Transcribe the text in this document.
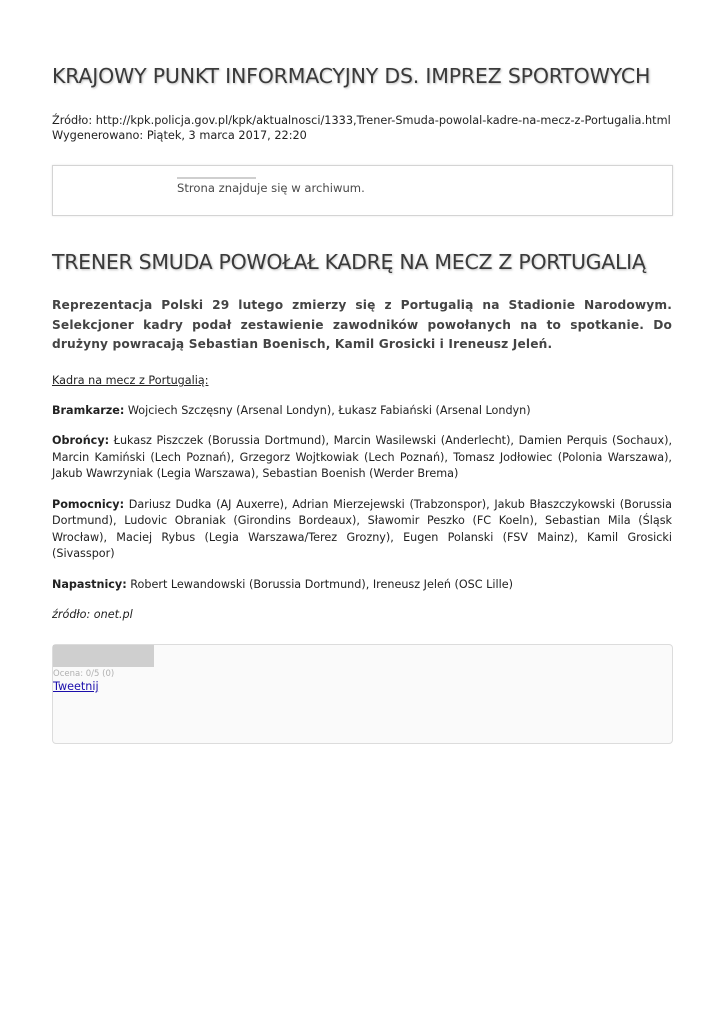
KRAJOWY PUNKT INFORMACYJNY DS. IMPREZ SPORTOWYCH
Źródło: http://kpk.policja.gov.pl/kpk/aktualnosci/1333,Trener-Smuda-powolal-kadre-na-mecz-z-Portugalia.html
Wygenerowano: Piątek, 3 marca 2017, 22:20
Strona znajduje się w archiwum.
TRENER SMUDA POWOŁAŁ KADRĘ NA MECZ Z PORTUGALIĄ

Reprezentacja Polski 29 lutego zmierzy się z Portugalią na Stadionie Narodowym. Selekcjoner kadry podał zestawienie zawodników powołanych na to spotkanie. Do drużyny powracają Sebastian Boenisch, Kamil Grosicki i Ireneusz Jeleń.

Kadra na mecz z Portugalią:

Bramkarze: Wojciech Szczęsny (Arsenal Londyn), Łukasz Fabiański (Arsenal Londyn)

Obrońcy: Łukasz Piszczek (Borussia Dortmund), Marcin Wasilewski (Anderlecht), Damien Perquis (Sochaux), Marcin Kamiński (Lech Poznań), Grzegorz Wojtkowiak (Lech Poznań), Tomasz Jodłowiec (Polonia Warszawa), Jakub Wawrzyniak (Legia Warszawa), Sebastian Boenish (Werder Brema)

Pomocnicy: Dariusz Dudka (AJ Auxerre), Adrian Mierzejewski (Trabzonspor), Jakub Błaszczykowski (Borussia Dortmund), Ludovic Obraniak (Girondins Bordeaux), Sławomir Peszko (FC Koeln), Sebastian Mila (Śląsk Wrocław), Maciej Rybus (Legia Warszawa/Terez Grozny), Eugen Polanski (FSV Mainz), Kamil Grosicki (Sivasspor)

Napastnicy: Robert Lewandowski (Borussia Dortmund), Ireneusz Jeleń (OSC Lille)

źródło: onet.pl

Ocena: 0/5 (0)
Tweetnij
